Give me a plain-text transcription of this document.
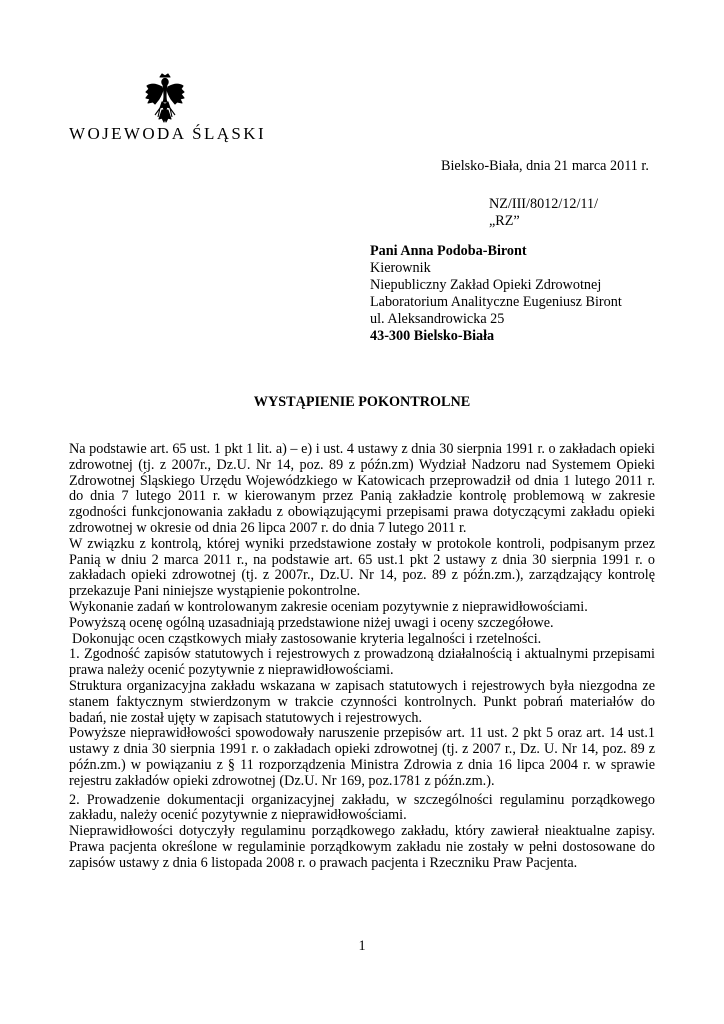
WOJEWODA ŚLĄSKI
Bielsko-Biała, dnia 21 marca 2011 r.
NZ/III/8012/12/11/
„RZ”
Pani Anna Podoba-Biront
Kierownik
Niepubliczny Zakład Opieki Zdrowotnej
Laboratorium Analityczne Eugeniusz Biront
ul. Aleksandrowicka 25
43-300 Bielsko-Biała
WYSTĄPIENIE POKONTROLNE

Na podstawie art. 65 ust. 1 pkt 1 lit. a) – e) i ust. 4 ustawy z dnia 30 sierpnia 1991 r. o zakładach opieki zdrowotnej (tj. z 2007r., Dz.U. Nr 14, poz. 89 z późn.zm) Wydział Nadzoru nad Systemem Opieki Zdrowotnej Śląskiego Urzędu Wojewódzkiego w Katowicach przeprowadził od dnia 1 lutego 2011 r. do dnia 7 lutego 2011 r. w kierowanym przez Panią zakładzie kontrolę problemową w zakresie zgodności funkcjonowania zakładu z obowiązującymi przepisami prawa dotyczącymi zakładu opieki zdrowotnej w okresie od dnia 26 lipca 2007 r. do dnia 7 lutego 2011 r.

W związku z kontrolą, której wyniki przedstawione zostały w protokole kontroli, podpisanym przez Panią w dniu 2 marca 2011 r., na podstawie art. 65 ust.1 pkt 2 ustawy z dnia 30 sierpnia 1991 r. o zakładach opieki zdrowotnej (tj. z 2007r., Dz.U. Nr 14, poz. 89 z późn.zm.), zarządzający kontrolę przekazuje Pani niniejsze wystąpienie pokontrolne.

Wykonanie zadań w kontrolowanym zakresie oceniam pozytywnie z nieprawidłowościami.

Powyższą ocenę ogólną uzasadniają przedstawione niżej uwagi i oceny szczegółowe.

Dokonując ocen cząstkowych miały zastosowanie kryteria legalności i rzetelności.

1. Zgodność zapisów statutowych i rejestrowych z prowadzoną działalnością i aktualnymi przepisami prawa należy ocenić pozytywnie z nieprawidłowościami.

Struktura organizacyjna zakładu wskazana w zapisach statutowych i rejestrowych była niezgodna ze stanem faktycznym stwierdzonym w trakcie czynności kontrolnych. Punkt pobrań materiałów do badań, nie został ujęty w zapisach statutowych i rejestrowych.

Powyższe nieprawidłowości spowodowały naruszenie przepisów art. 11 ust. 2 pkt 5 oraz art. 14 ust.1 ustawy z dnia 30 sierpnia 1991 r. o zakładach opieki zdrowotnej (tj. z 2007 r., Dz. U. Nr 14, poz. 89 z późn.zm.) w powiązaniu z § 11 rozporządzenia Ministra Zdrowia z dnia 16 lipca 2004 r. w sprawie rejestru zakładów opieki zdrowotnej (Dz.U. Nr 169, poz.1781 z późn.zm.).

2. Prowadzenie dokumentacji organizacyjnej zakładu, w szczególności regulaminu porządkowego zakładu, należy ocenić pozytywnie z nieprawidłowościami.

Nieprawidłowości dotyczyły regulaminu porządkowego zakładu, który zawierał nieaktualne zapisy. Prawa pacjenta określone w regulaminie porządkowym zakładu nie zostały w pełni dostosowane do zapisów ustawy z dnia 6 listopada 2008 r. o prawach pacjenta i Rzeczniku Praw Pacjenta.

1
